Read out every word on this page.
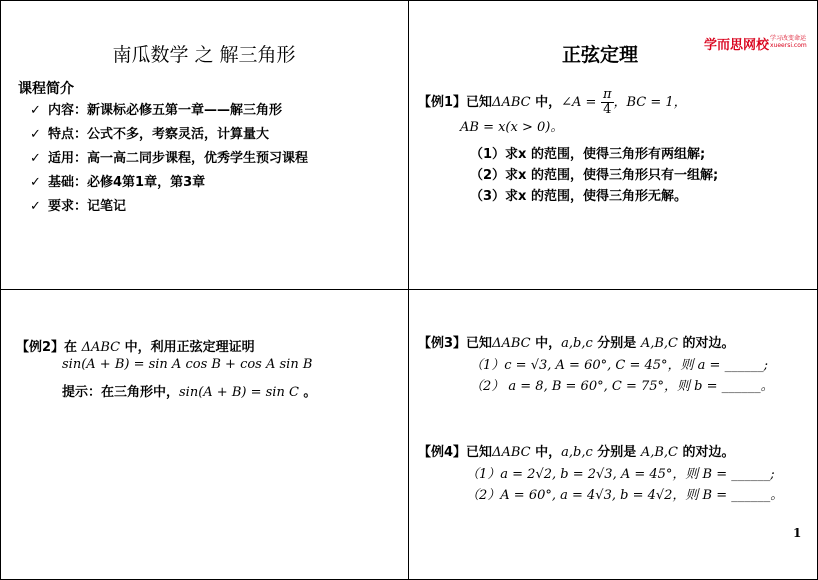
南瓜数学 之 解三角形
课程简介
✓ 内容：新课标必修五第一章——解三角形
✓ 特点：公式不多，考察灵活，计算量大
✓ 适用：高一高二同步课程，优秀学生预习课程
✓ 基础：必修4第1章，第3章
✓ 要求：记笔记
正弦定理	学而思网校 学习改变命运
xueersi.com
【例1】已知ΔABC 中，∠A = $\frac{\pi}{4}$ ，BC = 1，
AB = x(x > 0)。
（1）求x 的范围，使得三角形有两组解;
（2）求x 的范围，使得三角形只有一组解;
（3）求x 的范围，使得三角形无解。
【例2】在 ΔABC 中，利用正弦定理证明
sin(A + B) = sin A cos B + cos A sin B
提示：在三角形中，sin(A + B) = sin C 。
【例3】已知ΔABC 中，a,b,c 分别是 A,B,C 的对边。
（1）c = √3, A = 60°, C = 45°，则 a = ______;
（2） a = 8, B = 60°, C = 75°，则 b = ______。
【例4】已知ΔABC 中，a,b,c 分别是 A,B,C 的对边。
（1）a = 2√2, b = 2√3, A = 45°，则 B = ______;
（2）A = 60°, a = 4√3, b = 4√2，则 B = ______。
1
